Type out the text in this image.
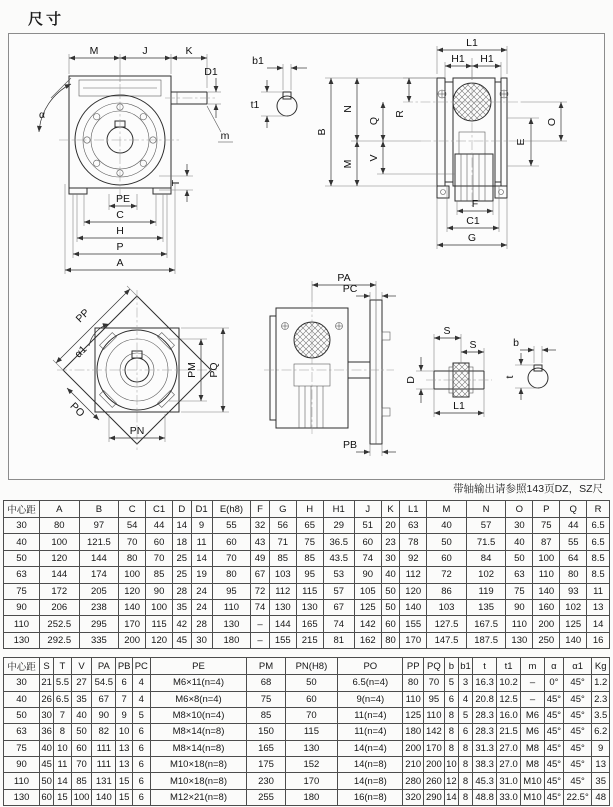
尺寸
M	J	K
D1
α
m
T
PE
C
H
P
A
b1
t1
L1
H1 H1
B
N
M
Q
V
R
E
O
F
C1
G
PA
PC
PB
PP
α1
PO
PM PQ
PN
S
S
D
L1
b
t
带轴输出请参照143页DZ，SZ尺
中心距	A	B	C	C1	D	D1	E(h8)	F	G	H	H1	J	K	L1	M	N	O	P	Q	R
30	80	97	54	44	14	9	55	32	56	65	29	51	20	63	40	57	30	75	44	6.5
40	100	121.5	70	60	18	11	60	43	71	75	36.5	60	23	78	50	71.5	40	87	55	6.5
50	120	144	80	70	25	14	70	49	85	85	43.5	74	30	92	60	84	50	100	64	8.5
63	144	174	100	85	25	19	80	67	103	95	53	90	40	112	72	102	63	110	80	8.5
75	172	205	120	90	28	24	95	72	112	115	57	105	50	120	86	119	75	140	93	11
90	206	238	140	100	35	24	110	74	130	130	67	125	50	140	103	135	90	160	102	13
110	252.5	295	170	115	42	28	130	–	144	165	74	142	60	155	127.5	167.5	110	200	125	14
130	292.5	335	200	120	45	30	180	–	155	215	81	162	80	170	147.5	187.5	130	250	140	16
中心距	S	T	V	PA	PB	PC	PE	PM	PN(H8)	PO	PP	PQ	b	b1	t	t1	m	α	α1	Kg
30	21	5.5	27	54.5	6	4	M6×11(n=4)	68	50	6.5(n=4)	80	70	5	3	16.3	10.2	–	0°	45°	1.2
40	26	6.5	35	67	7	4	M6×8(n=4)	75	60	9(n=4)	110	95	6	4	20.8	12.5	–	45°	45°	2.3
50	30	7	40	90	9	5	M8×10(n=4)	85	70	11(n=4)	125	110	8	5	28.3	16.0	M6	45°	45°	3.5
63	36	8	50	82	10	6	M8×14(n=8)	150	115	11(n=4)	180	142	8	6	28.3	21.5	M6	45°	45°	6.2
75	40	10	60	111	13	6	M8×14(n=8)	165	130	14(n=4)	200	170	8	8	31.3	27.0	M8	45°	45°	9
90	45	11	70	111	13	6	M10×18(n=8)	175	152	14(n=8)	210	200	10	8	38.3	27.0	M8	45°	45°	13
110	50	14	85	131	15	6	M10×18(n=8)	230	170	14(n=8)	280	260	12	8	45.3	31.0	M10	45°	45°	35
130	60	15	100	140	15	6	M12×21(n=8)	255	180	16(n=8)	320	290	14	8	48.8	33.0	M10	45°	22.5°	48
